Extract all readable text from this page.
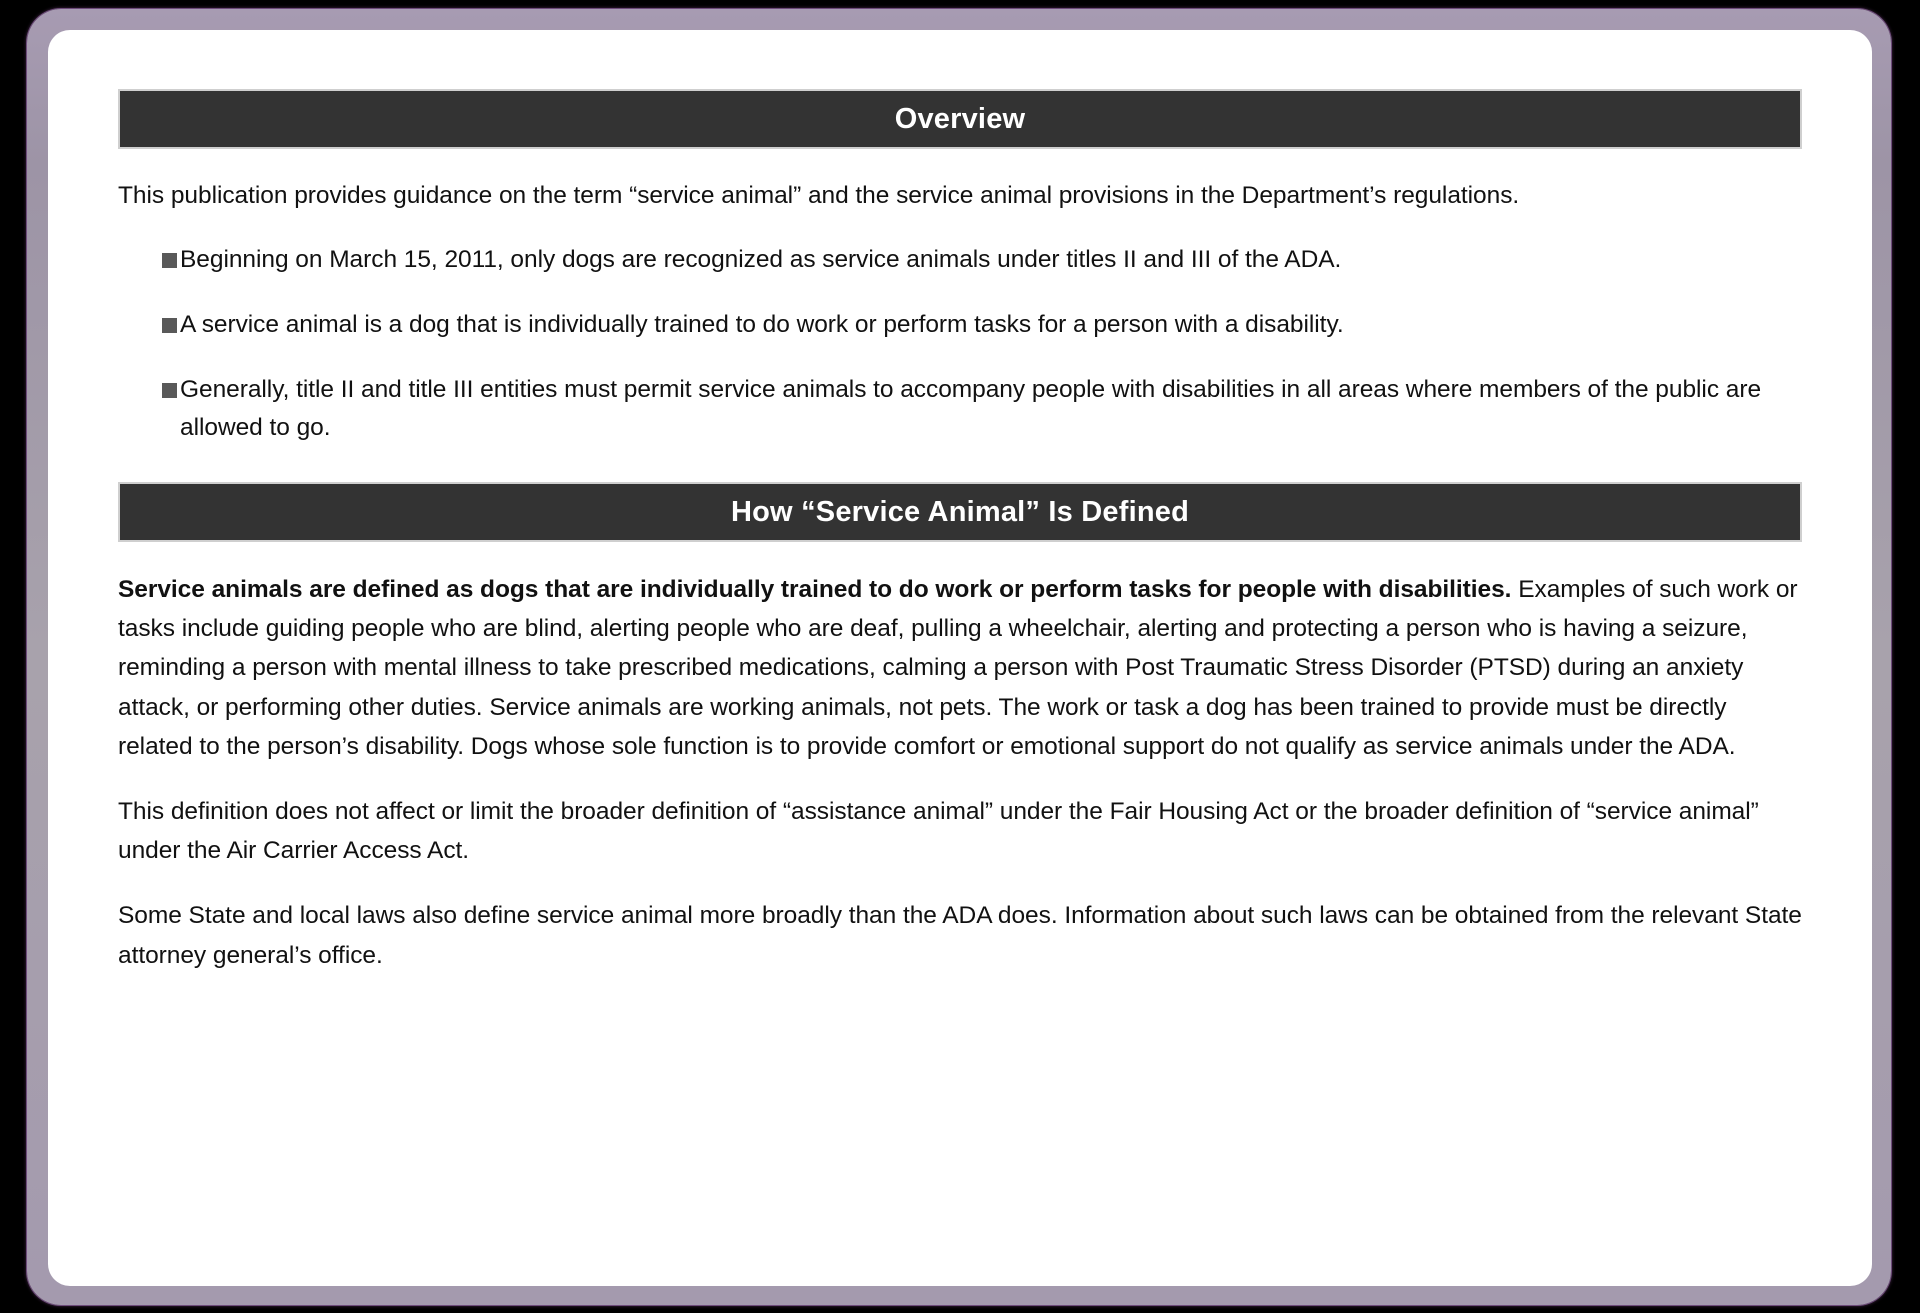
Overview

This publication provides guidance on the term “service animal” and the service animal provisions in the Department’s regulations.

Beginning on March 15, 2011, only dogs are recognized as service animals under titles II and III of the ADA.
A service animal is a dog that is individually trained to do work or perform tasks for a person with a disability.
Generally, title II and title III entities must permit service animals to accompany people with disabilities in all areas where members of the public are allowed to go.
How “Service Animal” Is Defined

Service animals are defined as dogs that are individually trained to do work or perform tasks for people with disabilities. Examples of such work or tasks include guiding people who are blind, alerting people who are deaf, pulling a wheelchair, alerting and protecting a person who is having a seizure, reminding a person with mental illness to take prescribed medications, calming a person with Post Traumatic Stress Disorder (PTSD) during an anxiety attack, or performing other duties. Service animals are working animals, not pets. The work or task a dog has been trained to provide must be directly related to the person’s disability. Dogs whose sole function is to provide comfort or emotional support do not qualify as service animals under the ADA.

This definition does not affect or limit the broader definition of “assistance animal” under the Fair Housing Act or the broader definition of “service animal” under the Air Carrier Access Act.

Some State and local laws also define service animal more broadly than the ADA does. Information about such laws can be obtained from the relevant State attorney general’s office.
